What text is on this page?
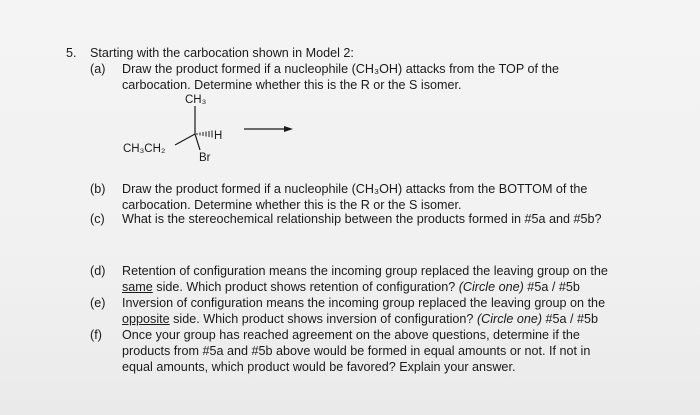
5. Starting with the carbocation shown in Model 2:
(a) Draw the product formed if a nucleophile (CH₃OH) attacks from the TOP of the
carbocation. Determine whether this is the R or the S isomer.
CH₃
CH₃CH₂
H
Br
(b) Draw the product formed if a nucleophile (CH₃OH) attacks from the BOTTOM of the
carbocation. Determine whether this is the R or the S isomer.
(c) What is the stereochemical relationship between the products formed in #5a and #5b?
(d) Retention of configuration means the incoming group replaced the leaving group on the
same side. Which product shows retention of configuration? (Circle one) #5a / #5b
(e) Inversion of configuration means the incoming group replaced the leaving group on the
opposite side. Which product shows inversion of configuration? (Circle one) #5a / #5b
(f) Once your group has reached agreement on the above questions, determine if the
products from #5a and #5b above would be formed in equal amounts or not. If not in
equal amounts, which product would be favored? Explain your answer.
